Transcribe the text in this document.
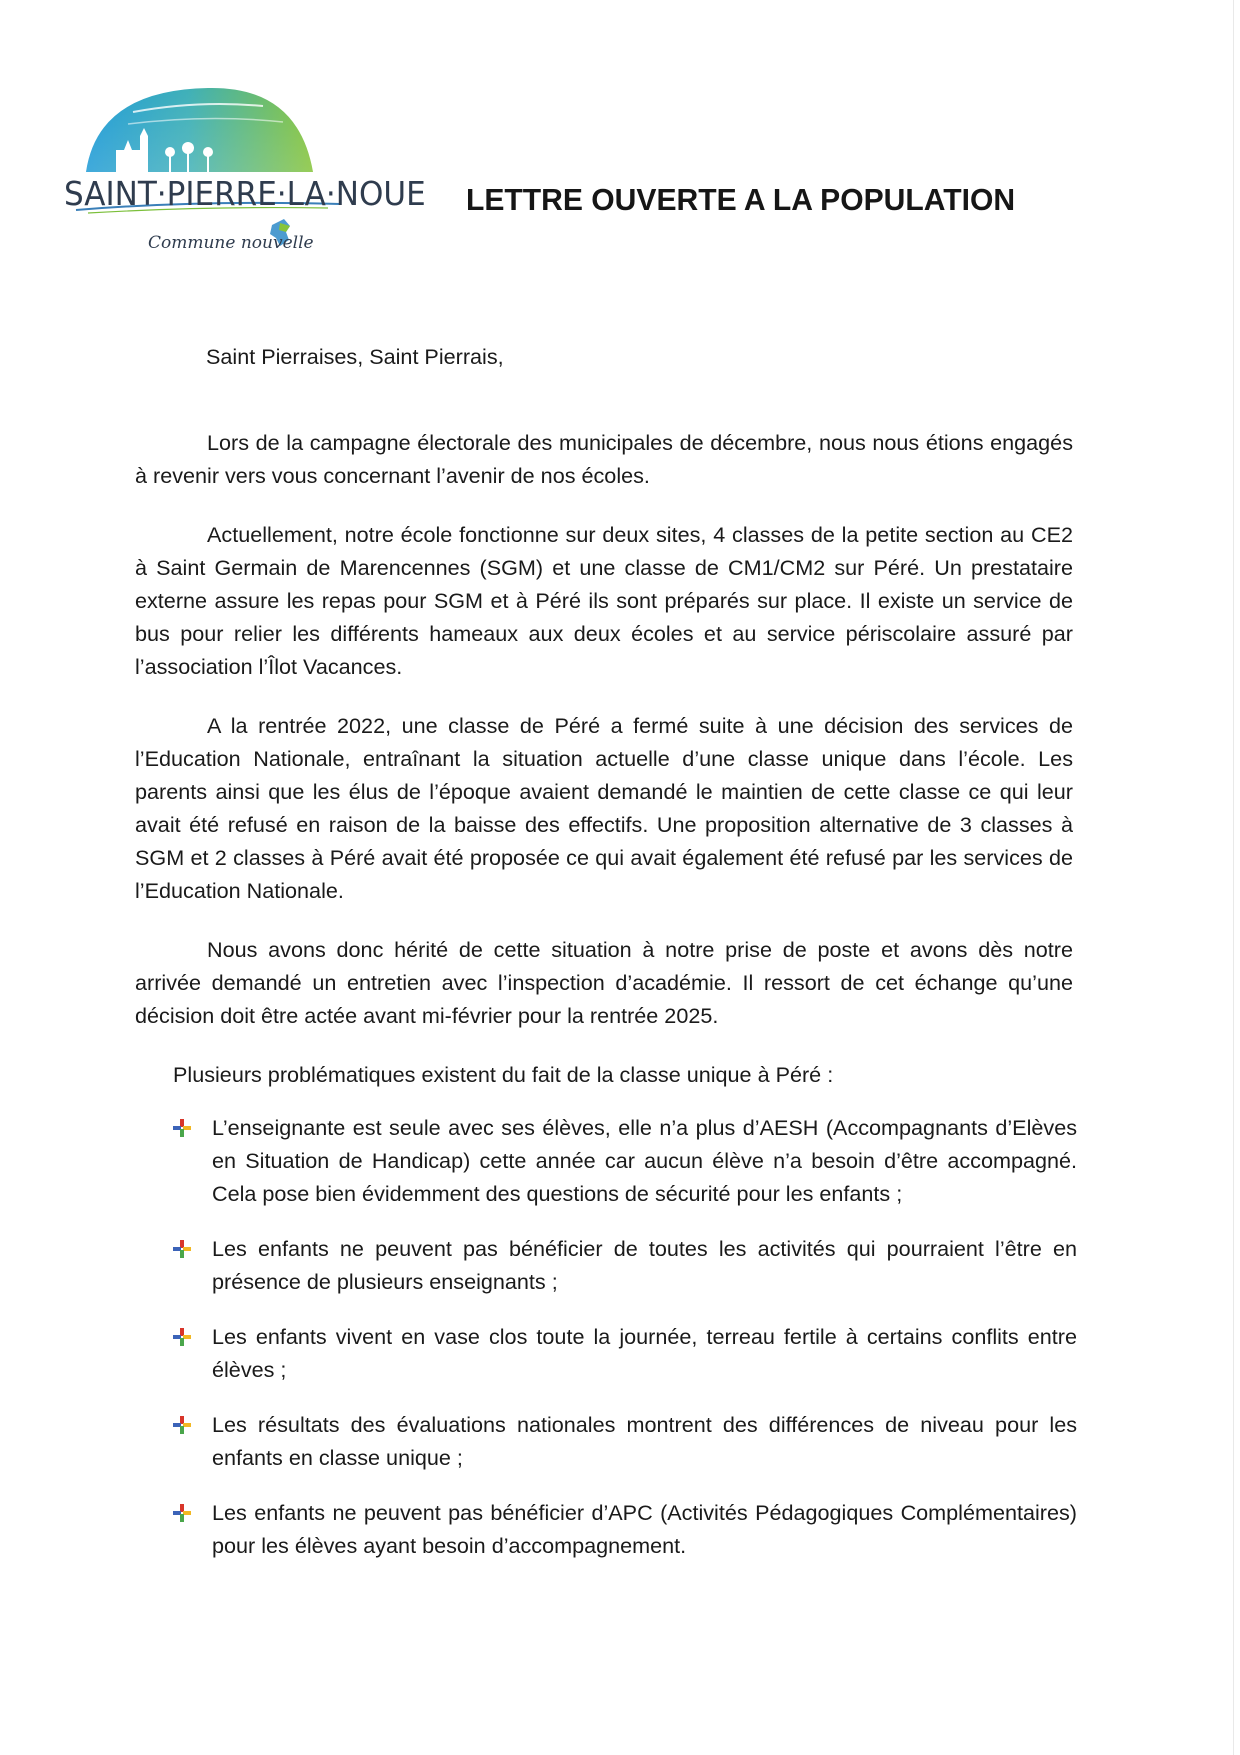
SAINT·PIERRE·LA·NOUE
Commune nouvelle
LETTRE OUVERTE A LA POPULATION

Saint Pierraises, Saint Pierrais,

Lors de la campagne électorale des municipales de décembre, nous nous étions engagés à revenir vers vous concernant l’avenir de nos écoles.

Actuellement, notre école fonctionne sur deux sites, 4 classes de la petite section au CE2 à Saint Germain de Marencennes (SGM) et une classe de CM1/CM2 sur Péré. Un prestataire externe assure les repas pour SGM et à Péré ils sont préparés sur place. Il existe un service de bus pour relier les différents hameaux aux deux écoles et au service périscolaire assuré par l’association l’Îlot Vacances.

A la rentrée 2022, une classe de Péré a fermé suite à une décision des services de l’Education Nationale, entraînant la situation actuelle d’une classe unique dans l’école. Les parents ainsi que les élus de l’époque avaient demandé le maintien de cette classe ce qui leur avait été refusé en raison de la baisse des effectifs. Une proposition alternative de 3 classes à SGM et 2 classes à Péré avait été proposée ce qui avait également été refusé par les services de l’Education Nationale.

Nous avons donc hérité de cette situation à notre prise de poste et avons dès notre arrivée demandé un entretien avec l’inspection d’académie. Il ressort de cet échange qu’une décision doit être actée avant mi-février pour la rentrée 2025.

Plusieurs problématiques existent du fait de la classe unique à Péré :

L’enseignante est seule avec ses élèves, elle n’a plus d’AESH (Accompagnants d’Elèves en Situation de Handicap) cette année car aucun élève n’a besoin d’être accompagné. Cela pose bien évidemment des questions de sécurité pour les enfants ;
Les enfants ne peuvent pas bénéficier de toutes les activités qui pourraient l’être en présence de plusieurs enseignants ;
Les enfants vivent en vase clos toute la journée, terreau fertile à certains conflits entre élèves ;
Les résultats des évaluations nationales montrent des différences de niveau pour les enfants en classe unique ;
Les enfants ne peuvent pas bénéficier d’APC (Activités Pédagogiques Complémentaires) pour les élèves ayant besoin d’accompagnement.
